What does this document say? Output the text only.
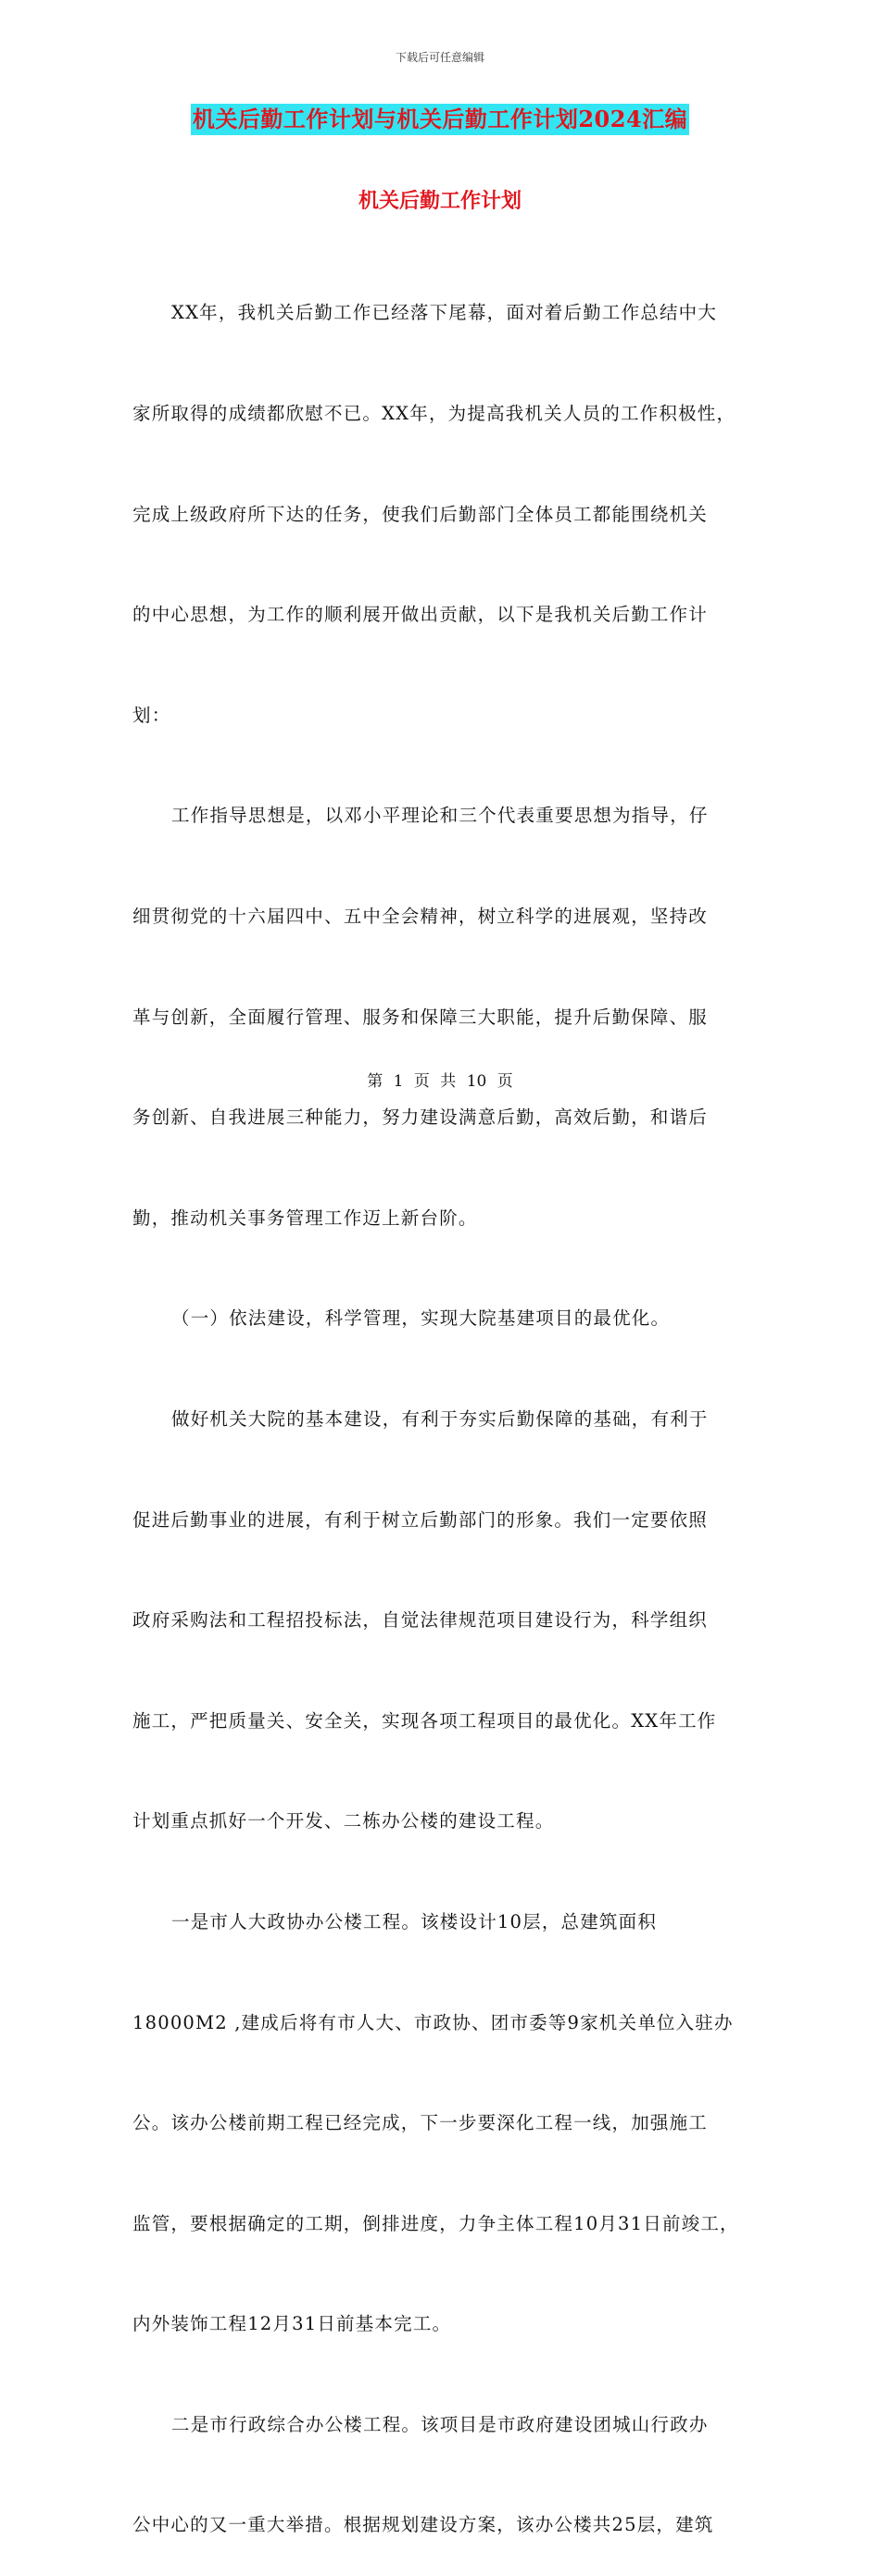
下载后可任意编辑
机关后勤工作计划与机关后勤工作计划2024汇编
机关后勤工作计划

XX年，我机关后勤工作已经落下尾幕，面对着后勤工作总结中大

家所取得的成绩都欣慰不已。XX年，为提高我机关人员的工作积极性，

完成上级政府所下达的任务，使我们后勤部门全体员工都能围绕机关

的中心思想，为工作的顺利展开做出贡献，以下是我机关后勤工作计

划：

工作指导思想是，以邓小平理论和三个代表重要思想为指导，仔

细贯彻党的十六届四中、五中全会精神，树立科学的进展观，坚持改

革与创新，全面履行管理、服务和保障三大职能，提升后勤保障、服

务创新、自我进展三种能力，努力建设满意后勤，高效后勤，和谐后

勤，推动机关事务管理工作迈上新台阶。

（一）依法建设，科学管理，实现大院基建项目的最优化。

做好机关大院的基本建设，有利于夯实后勤保障的基础，有利于

促进后勤事业的进展，有利于树立后勤部门的形象。我们一定要依照

政府采购法和工程招投标法，自觉法律规范项目建设行为，科学组织

施工，严把质量关、安全关，实现各项工程项目的最优化。XX年工作

计划重点抓好一个开发、二栋办公楼的建设工程。

一是市人大政协办公楼工程。该楼设计10层，总建筑面积

18000M2 ,建成后将有市人大、市政协、团市委等9家机关单位入驻办

公。该办公楼前期工程已经完成，下一步要深化工程一线，加强施工

监管，要根据确定的工期，倒排进度，力争主体工程10月31日前竣工，

内外装饰工程12月31日前基本完工。

二是市行政综合办公楼工程。该项目是市政府建设团城山行政办

公中心的又一重大举措。根据规划建设方案，该办公楼共25层，建筑

第 1 页 共 10 页
